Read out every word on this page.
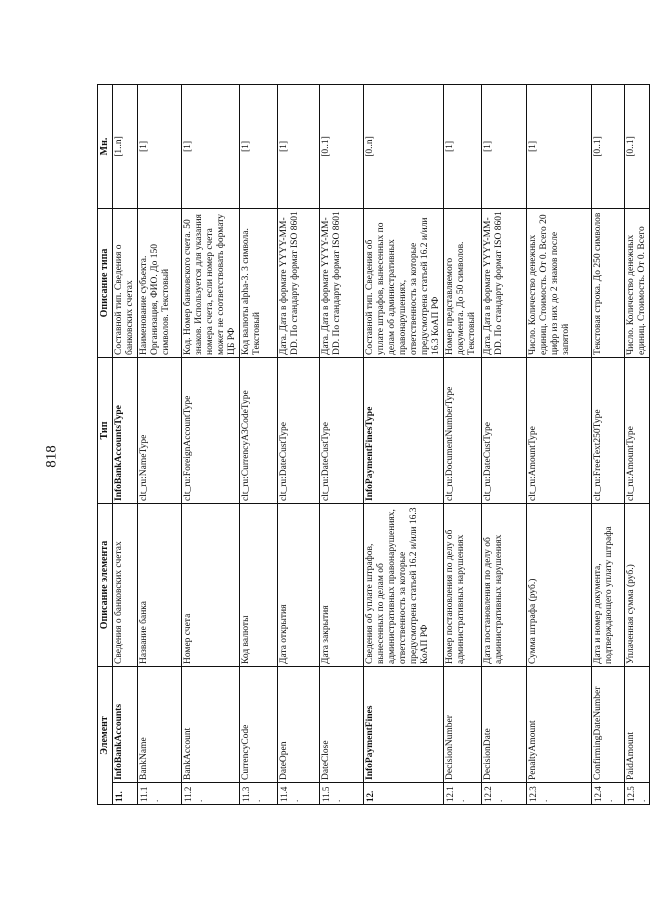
818
Элемент		Описание элемента	Тип	Описание типа	Мн.
11.	InfoBankAccounts	Сведения о банковских счетах	InfoBankAccountsType	Составной тип. Сведения о банковских счетах	[1..n]
11.1.	BankName	Название банка	clt_ru:NameType	Наименование субъекта. Организация, ФИО. До 150 символов. Текстовый	[1]
11.2.	BankAccount	Номер счета	clt_ru:ForeignAccountType	Код. Номер банковского счета. 50 знаков. Используется для указания номера счета, если номер счета может не соответствовать формату ЦБ РФ	[1]
11.3.	CurrencyCode	Код валюты	clt_ru:CurrencyA3CodeType	Код валюты alpha-3. 3 символа. Текстовый	[1]
11.4.	DateOpen	Дата открытия	clt_ru:DateCustType	Дата. Дата в формате YYYY-MM-DD. По стандарту формат ISO 8601	[1]
11.5.	DateClose	Дата закрытия	clt_ru:DateCustType	Дата. Дата в формате YYYY-MM-DD. По стандарту формат ISO 8601	[0..1]
12.	InfoPaymentFines	Сведения об уплате штрафов, вынесенных по делам об административных правонарушениях, ответственность за которые предусмотрена статьей 16.2 и/или 16.3 КоАП РФ	InfoPaymentFinesType	Составной тип. Сведения об уплате штрафов, вынесенных по делам об административных правонарушениях, ответственность за которые предусмотрена статьей 16.2 и/или 16.3 КоАП РФ	[0..n]
12.1.	DecisionNumber	Номер постановления по делу об административных нарушениях	clt_ru:DocumentNumberType	Номер представляемого документа. До 50 символов. Текстовый	[1]
12.2.	DecisionDate	Дата постановления по делу об административных нарушениях	clt_ru:DateCustType	Дата. Дата в формате YYYY-MM-DD. По стандарту формат ISO 8601	[1]
12.3.	PenaltyAmount	Сумма штрафа (руб.)	clt_ru:AmountType	Число. Количество денежных единиц. Стоимость. От 0. Всего 20 цифр из них до 2 знаков после запятой	[1]
12.4.	ConfirmingDateNumber	Дата и номер документа, подтверждающего уплату штрафа	clt_ru:FreeText250Type	Текстовая строка. До 250 символов	[0..1]
12.5.	PaidAmount	Уплаченная сумма (руб.)	clt_ru:AmountType	Число. Количество денежных единиц. Стоимость. От 0. Всего	[0..1]
